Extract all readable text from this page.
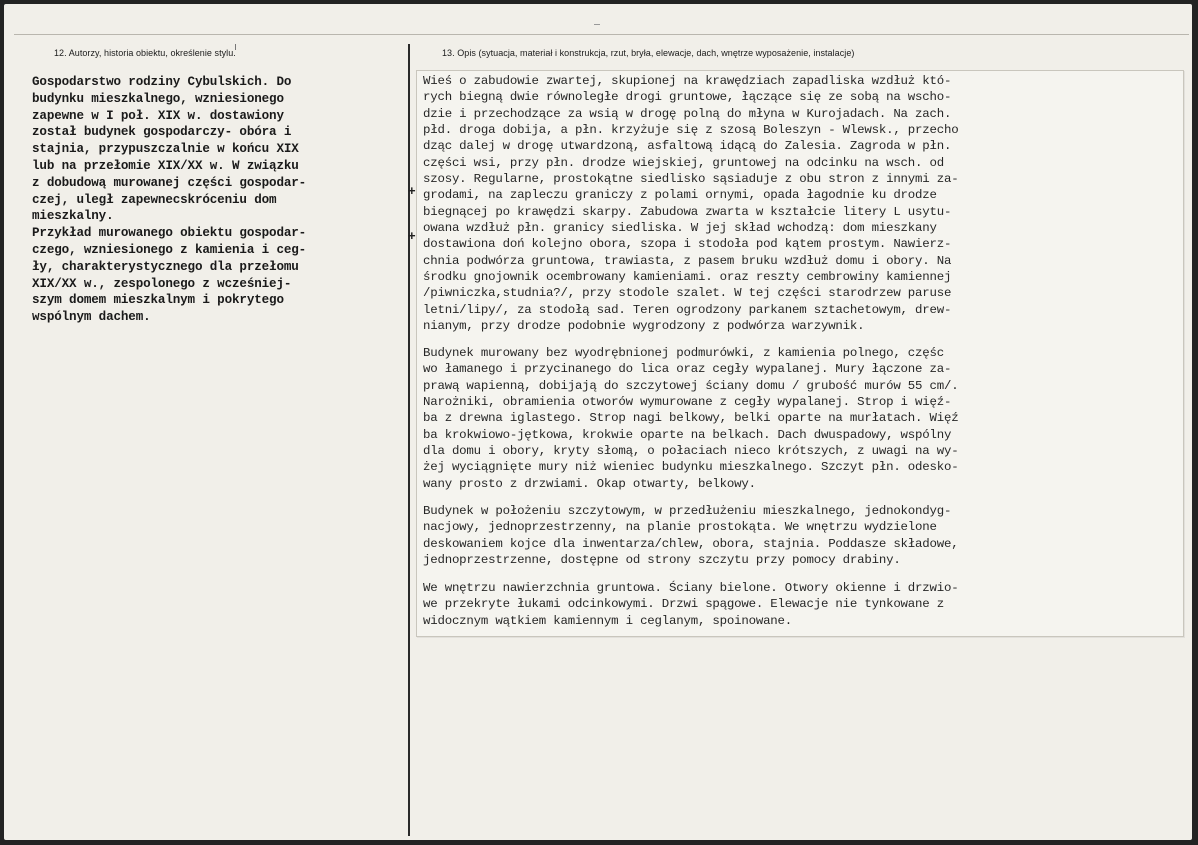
12. Autorzy, historia obiektu, określenie stylu.	13. Opis (sytuacja, materiał i konstrukcja, rzut, bryła, elewacje, dach, wnętrze wyposażenie, instalacje)
+
+
Gospodarstwo rodziny Cybulskich. Do
budynku mieszkalnego, wzniesionego
zapewne w I poł. XIX w. dostawiony
został budynek gospodarczy- obóra i
stajnia, przypuszczalnie w końcu XIX
lub na przełomie XIX/XX w. W związku
z dobudową murowanej części gospodar-
czej, uległ zapewnecskróceniu dom
mieszkalny.
Przykład murowanego obiektu gospodar-
czego, wzniesionego z kamienia i ceg-
ły, charakterystycznego dla przełomu
XIX/XX w., zespolonego z wcześniej-
szym domem mieszkalnym i pokrytego
wspólnym dachem.
Wieś o zabudowie zwartej, skupionej na krawędziach zapadliska wzdłuż któ-
rych biegną dwie równoległe drogi gruntowe, łączące się ze sobą na wscho-
dzie i przechodzące za wsią w drogę polną do młyna w Kurojadach. Na zach.
płd. droga dobija, a płn. krzyżuje się z szosą Boleszyn - Wlewsk., przecho
dząc dalej w drogę utwardzoną, asfaltową idącą do Zalesia. Zagroda w płn.
części wsi, przy płn. drodze wiejskiej, gruntowej na odcinku na wsch. od
szosy. Regularne, prostokątne siedlisko sąsiaduje z obu stron z innymi za-
grodami, na zapleczu graniczy z polami ornymi, opada łagodnie ku drodze
biegnącej po krawędzi skarpy. Zabudowa zwarta w kształcie litery L usytu-
owana wzdłuż płn. granicy siedliska. W jej skład wchodzą: dom mieszkany
dostawiona doń kolejno obora, szopa i stodoła pod kątem prostym. Nawierz-
chnia podwórza gruntowa, trawiasta, z pasem bruku wzdłuż domu i obory. Na
środku gnojownik ocembrowany kamieniami. oraz reszty cembrowiny kamiennej
/piwniczka,studnia?/, przy stodole szalet. W tej części starodrzew paruse
letni/lipy/, za stodołą sad. Teren ogrodzony parkanem sztachetowym, drew-
nianym, przy drodze podobnie wygrodzony z podwórza warzywnik.
Budynek murowany bez wyodrębnionej podmurówki, z kamienia polnego, częśc
wo łamanego i przycinanego do lica oraz cegły wypalanej. Mury łączone za-
prawą wapienną, dobijają do szczytowej ściany domu / grubość murów 55 cm/.
Narożniki, obramienia otworów wymurowane z cegły wypalanej. Strop i więź-
ba z drewna iglastego. Strop nagi belkowy, belki oparte na murłatach. Więź
ba krokwiowo-jętkowa, krokwie oparte na belkach. Dach dwuspadowy, wspólny
dla domu i obory, kryty słomą, o połaciach nieco krótszych, z uwagi na wy-
żej wyciągnięte mury niż wieniec budynku mieszkalnego. Szczyt płn. odesko-
wany prosto z drzwiami. Okap otwarty, belkowy.
Budynek w położeniu szczytowym, w przedłużeniu mieszkalnego, jednokondyg-
nacjowy, jednoprzestrzenny, na planie prostokąta. We wnętrzu wydzielone
deskowaniem kojce dla inwentarza/chlew, obora, stajnia. Poddasze składowe,
jednoprzestrzenne, dostępne od strony szczytu przy pomocy drabiny.
We wnętrzu nawierzchnia gruntowa. Ściany bielone. Otwory okienne i drzwio-
we przekryte łukami odcinkowymi. Drzwi spągowe. Elewacje nie tynkowane z
widocznym wątkiem kamiennym i ceglanym, spoinowane.
